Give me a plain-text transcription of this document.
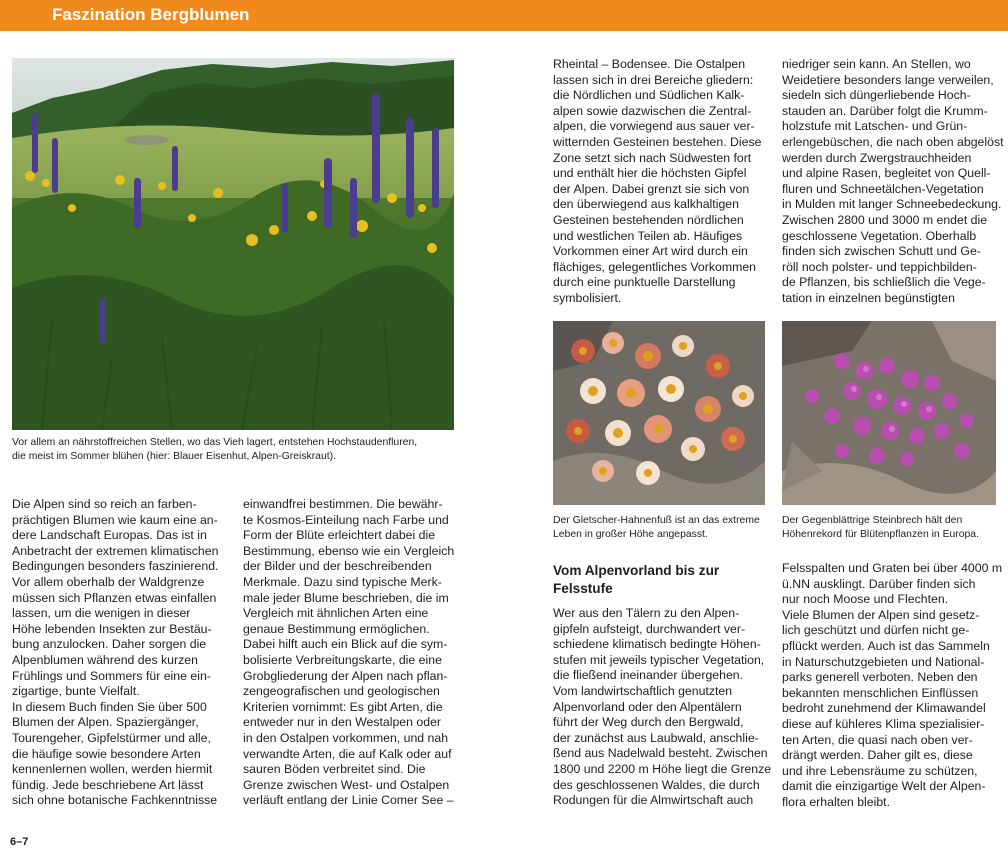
Faszination Bergblumen
Vor allem an nährstoffreichen Stellen, wo das Vieh lagert, entstehen Hochstaudenfluren,
die meist im Sommer blühen (hier: Blauer Eisenhut, Alpen-Greiskraut).
Der Gletscher-Hahnenfuß ist an das extreme
Leben in großer Höhe angepasst.
Der Gegenblättrige Steinbrech hält den
Höhenrekord für Blütenpflanzen in Europa.
Die Alpen sind so reich an farben-
prächtigen Blumen wie kaum eine an-
dere Landschaft Europas. Das ist in
Anbetracht der extremen klimatischen
Bedingungen besonders faszinierend.
Vor allem oberhalb der Waldgrenze
müssen sich Pflanzen etwas einfallen
lassen, um die wenigen in dieser
Höhe lebenden Insekten zur Bestäu-
bung anzulocken. Daher sorgen die
Alpenblumen während des kurzen
Frühlings und Sommers für eine ein-
zigartige, bunte Vielfalt.
In diesem Buch finden Sie über 500
Blumen der Alpen. Spaziergänger,
Tourengeher, Gipfelstürmer und alle,
die häufige sowie besondere Arten
kennenlernen wollen, werden hiermit
fündig. Jede beschriebene Art lässt
sich ohne botanische Fachkenntnisse
einwandfrei bestimmen. Die bewähr-
te Kosmos-Einteilung nach Farbe und
Form der Blüte erleichtert dabei die
Bestimmung, ebenso wie ein Vergleich
der Bilder und der beschreibenden
Merkmale. Dazu sind typische Merk-
male jeder Blume beschrieben, die im
Vergleich mit ähnlichen Arten eine
genaue Bestimmung ermöglichen.
Dabei hilft auch ein Blick auf die sym-
bolisierte Verbreitungskarte, die eine
Grobgliederung der Alpen nach pflan-
zengeografischen und geologischen
Kriterien vornimmt: Es gibt Arten, die
entweder nur in den Westalpen oder
in den Ostalpen vorkommen, und nah
verwandte Arten, die auf Kalk oder auf
sauren Böden verbreitet sind. Die
Grenze zwischen West- und Ostalpen
verläuft entlang der Linie Comer See –
Rheintal – Bodensee. Die Ostalpen
lassen sich in drei Bereiche gliedern:
die Nördlichen und Südlichen Kalk-
alpen sowie dazwischen die Zentral-
alpen, die vorwiegend aus sauer ver-
witternden Gesteinen bestehen. Diese
Zone setzt sich nach Südwesten fort
und enthält hier die höchsten Gipfel
der Alpen. Dabei grenzt sie sich von
den überwiegend aus kalkhaltigen
Gesteinen bestehenden nördlichen
und westlichen Teilen ab. Häufiges
Vorkommen einer Art wird durch ein
flächiges, gelegentliches Vorkommen
durch eine punktuelle Darstellung
symbolisiert.
Vom Alpenvorland bis zur
Felsstufe
Wer aus den Tälern zu den Alpen-
gipfeln aufsteigt, durchwandert ver-
schiedene klimatisch bedingte Höhen-
stufen mit jeweils typischer Vegetation,
die fließend ineinander übergehen.
Vom landwirtschaftlich genutzten
Alpenvorland oder den Alpentälern
führt der Weg durch den Bergwald,
der zunächst aus Laubwald, anschlie-
ßend aus Nadelwald besteht. Zwischen
1800 und 2200 m Höhe liegt die Grenze
des geschlossenen Waldes, die durch
Rodungen für die Almwirtschaft auch
niedriger sein kann. An Stellen, wo
Weidetiere besonders lange verweilen,
siedeln sich düngerliebende Hoch-
stauden an. Darüber folgt die Krumm-
holzstufe mit Latschen- und Grün-
erlengebüschen, die nach oben abgelöst
werden durch Zwergstrauchheiden
und alpine Rasen, begleitet von Quell-
fluren und Schneetälchen-Vegetation
in Mulden mit langer Schneebedeckung.
Zwischen 2800 und 3000 m endet die
geschlossene Vegetation. Oberhalb
finden sich zwischen Schutt und Ge-
röll noch polster- und teppichbilden-
de Pflanzen, bis schließlich die Vege-
tation in einzelnen begünstigten
Felsspalten und Graten bei über 4000 m
ü.NN ausklingt. Darüber finden sich
nur noch Moose und Flechten.
Viele Blumen der Alpen sind gesetz-
lich geschützt und dürfen nicht ge-
pflückt werden. Auch ist das Sammeln
in Naturschutzgebieten und National-
parks generell verboten. Neben den
bekannten menschlichen Einflüssen
bedroht zunehmend der Klimawandel
diese auf kühleres Klima spezialisier-
ten Arten, die quasi nach oben ver-
drängt werden. Daher gilt es, diese
und ihre Lebensräume zu schützen,
damit die einzigartige Welt der Alpen-
flora erhalten bleibt.
6–7
